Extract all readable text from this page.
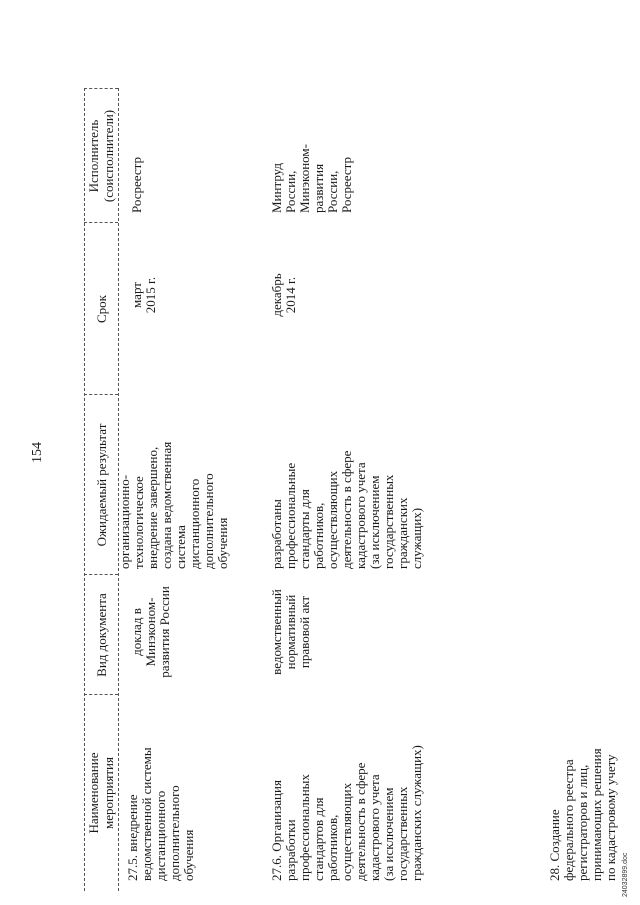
154
Наименование
мероприятия
Вид документа
Ожидаемый результат
Срок
Исполнитель
(соисполнители)
27.5. внедрение
ведомственной системы
дистанционного
дополнительного
обучения
доклад в
Минэконом-
развития России
организационно-
технологическое
внедрение завершено,
создана ведомственная
система
дистанционного
дополнительного
обучения
март
2015 г.
Росреестр
27.6. Организация
разработки
профессиональных
стандартов для
работников,
осуществляющих
деятельность в сфере
кадастрового учета
(за исключением
государственных
гражданских служащих)
ведомственный
нормативный
правовой акт
разработаны
профессиональные
стандарты для
работников,
осуществляющих
деятельность в сфере
кадастрового учета
(за исключением
государственных
гражданских
служащих)
декабрь
2014 г.
Минтруд
России,
Минэконом-
развития
России,
Росреестр
28. Создание
федерального реестра
регистраторов и лиц,
принимающих решения
по кадастровому учету
24032899.doc
